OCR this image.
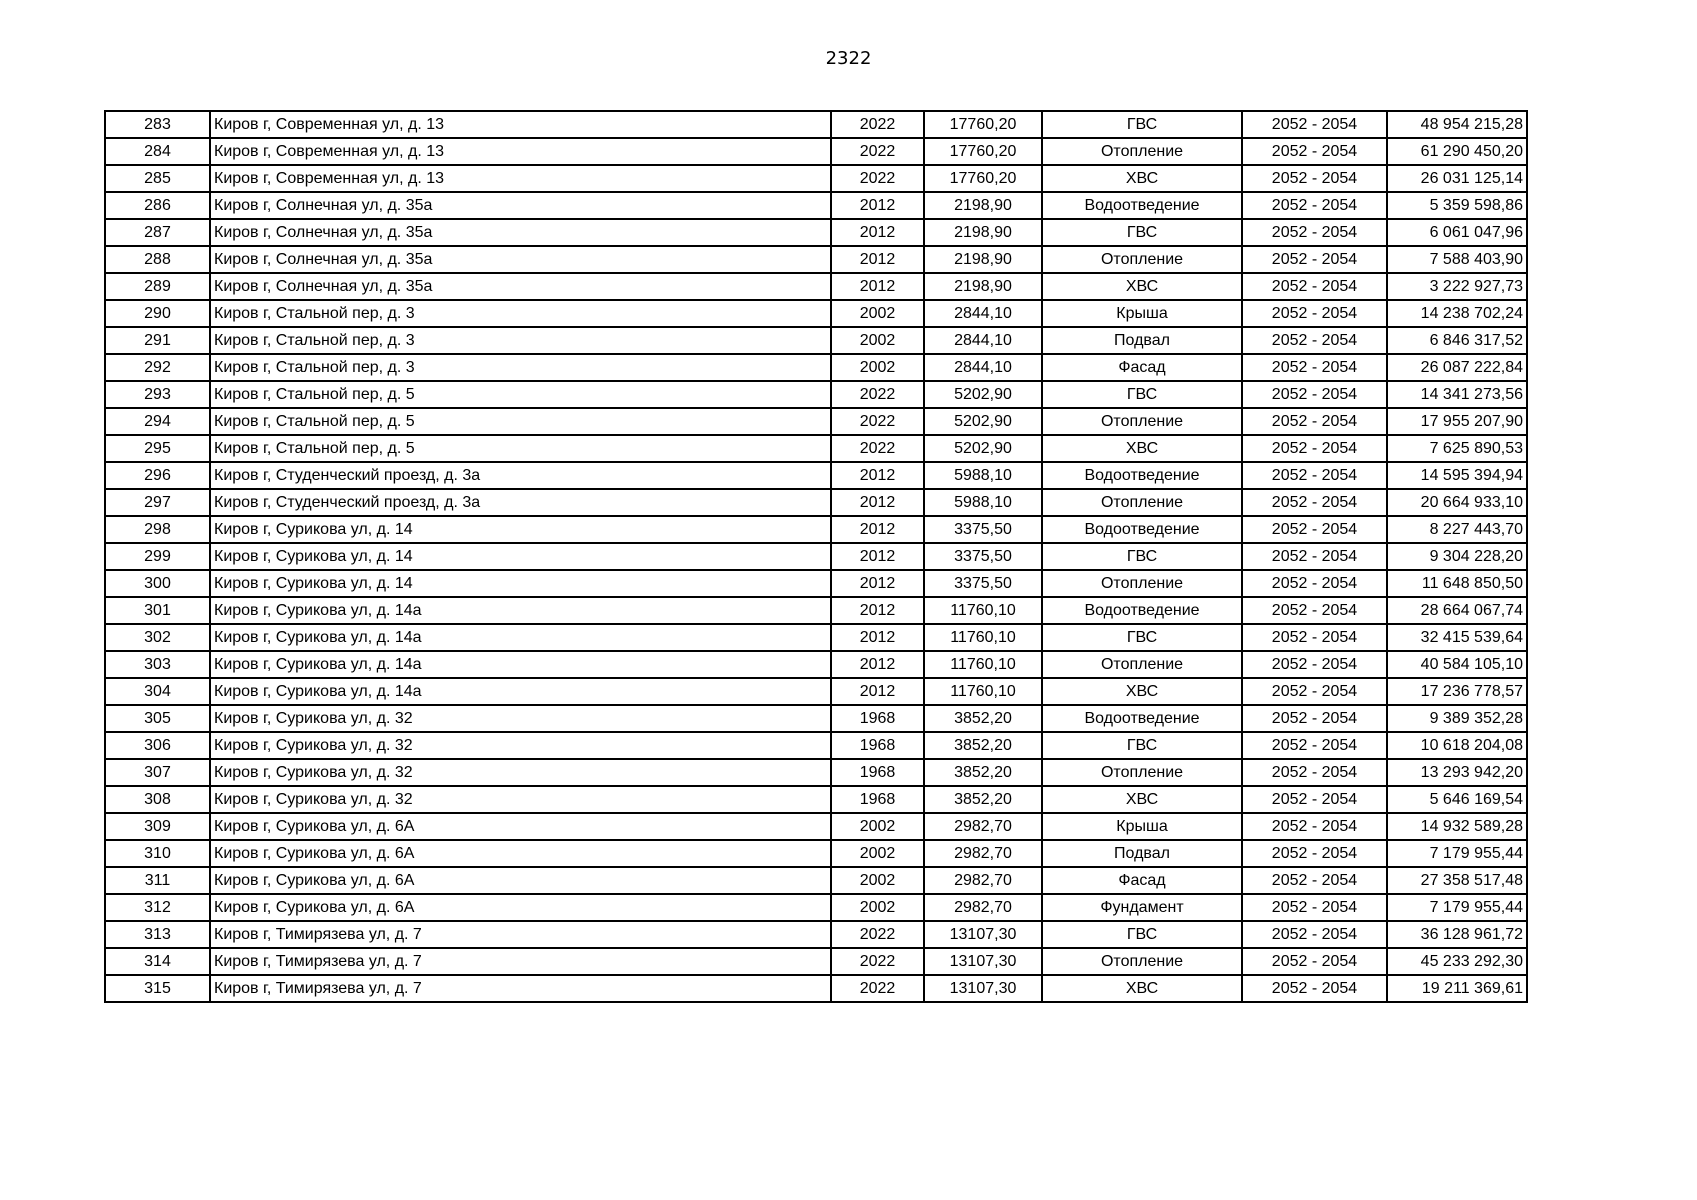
2322
283	Киров г, Современная ул, д. 13	2022	17760,20	ГВС	2052 - 2054	48 954 215,28
284	Киров г, Современная ул, д. 13	2022	17760,20	Отопление	2052 - 2054	61 290 450,20
285	Киров г, Современная ул, д. 13	2022	17760,20	ХВС	2052 - 2054	26 031 125,14
286	Киров г, Солнечная ул, д. 35а	2012	2198,90	Водоотведение	2052 - 2054	5 359 598,86
287	Киров г, Солнечная ул, д. 35а	2012	2198,90	ГВС	2052 - 2054	6 061 047,96
288	Киров г, Солнечная ул, д. 35а	2012	2198,90	Отопление	2052 - 2054	7 588 403,90
289	Киров г, Солнечная ул, д. 35а	2012	2198,90	ХВС	2052 - 2054	3 222 927,73
290	Киров г, Стальной пер, д. 3	2002	2844,10	Крыша	2052 - 2054	14 238 702,24
291	Киров г, Стальной пер, д. 3	2002	2844,10	Подвал	2052 - 2054	6 846 317,52
292	Киров г, Стальной пер, д. 3	2002	2844,10	Фасад	2052 - 2054	26 087 222,84
293	Киров г, Стальной пер, д. 5	2022	5202,90	ГВС	2052 - 2054	14 341 273,56
294	Киров г, Стальной пер, д. 5	2022	5202,90	Отопление	2052 - 2054	17 955 207,90
295	Киров г, Стальной пер, д. 5	2022	5202,90	ХВС	2052 - 2054	7 625 890,53
296	Киров г, Студенческий проезд, д. 3а	2012	5988,10	Водоотведение	2052 - 2054	14 595 394,94
297	Киров г, Студенческий проезд, д. 3а	2012	5988,10	Отопление	2052 - 2054	20 664 933,10
298	Киров г, Сурикова ул, д. 14	2012	3375,50	Водоотведение	2052 - 2054	8 227 443,70
299	Киров г, Сурикова ул, д. 14	2012	3375,50	ГВС	2052 - 2054	9 304 228,20
300	Киров г, Сурикова ул, д. 14	2012	3375,50	Отопление	2052 - 2054	11 648 850,50
301	Киров г, Сурикова ул, д. 14а	2012	11760,10	Водоотведение	2052 - 2054	28 664 067,74
302	Киров г, Сурикова ул, д. 14а	2012	11760,10	ГВС	2052 - 2054	32 415 539,64
303	Киров г, Сурикова ул, д. 14а	2012	11760,10	Отопление	2052 - 2054	40 584 105,10
304	Киров г, Сурикова ул, д. 14а	2012	11760,10	ХВС	2052 - 2054	17 236 778,57
305	Киров г, Сурикова ул, д. 32	1968	3852,20	Водоотведение	2052 - 2054	9 389 352,28
306	Киров г, Сурикова ул, д. 32	1968	3852,20	ГВС	2052 - 2054	10 618 204,08
307	Киров г, Сурикова ул, д. 32	1968	3852,20	Отопление	2052 - 2054	13 293 942,20
308	Киров г, Сурикова ул, д. 32	1968	3852,20	ХВС	2052 - 2054	5 646 169,54
309	Киров г, Сурикова ул, д. 6А	2002	2982,70	Крыша	2052 - 2054	14 932 589,28
310	Киров г, Сурикова ул, д. 6А	2002	2982,70	Подвал	2052 - 2054	7 179 955,44
311	Киров г, Сурикова ул, д. 6А	2002	2982,70	Фасад	2052 - 2054	27 358 517,48
312	Киров г, Сурикова ул, д. 6А	2002	2982,70	Фундамент	2052 - 2054	7 179 955,44
313	Киров г, Тимирязева ул, д. 7	2022	13107,30	ГВС	2052 - 2054	36 128 961,72
314	Киров г, Тимирязева ул, д. 7	2022	13107,30	Отопление	2052 - 2054	45 233 292,30
315	Киров г, Тимирязева ул, д. 7	2022	13107,30	ХВС	2052 - 2054	19 211 369,61
